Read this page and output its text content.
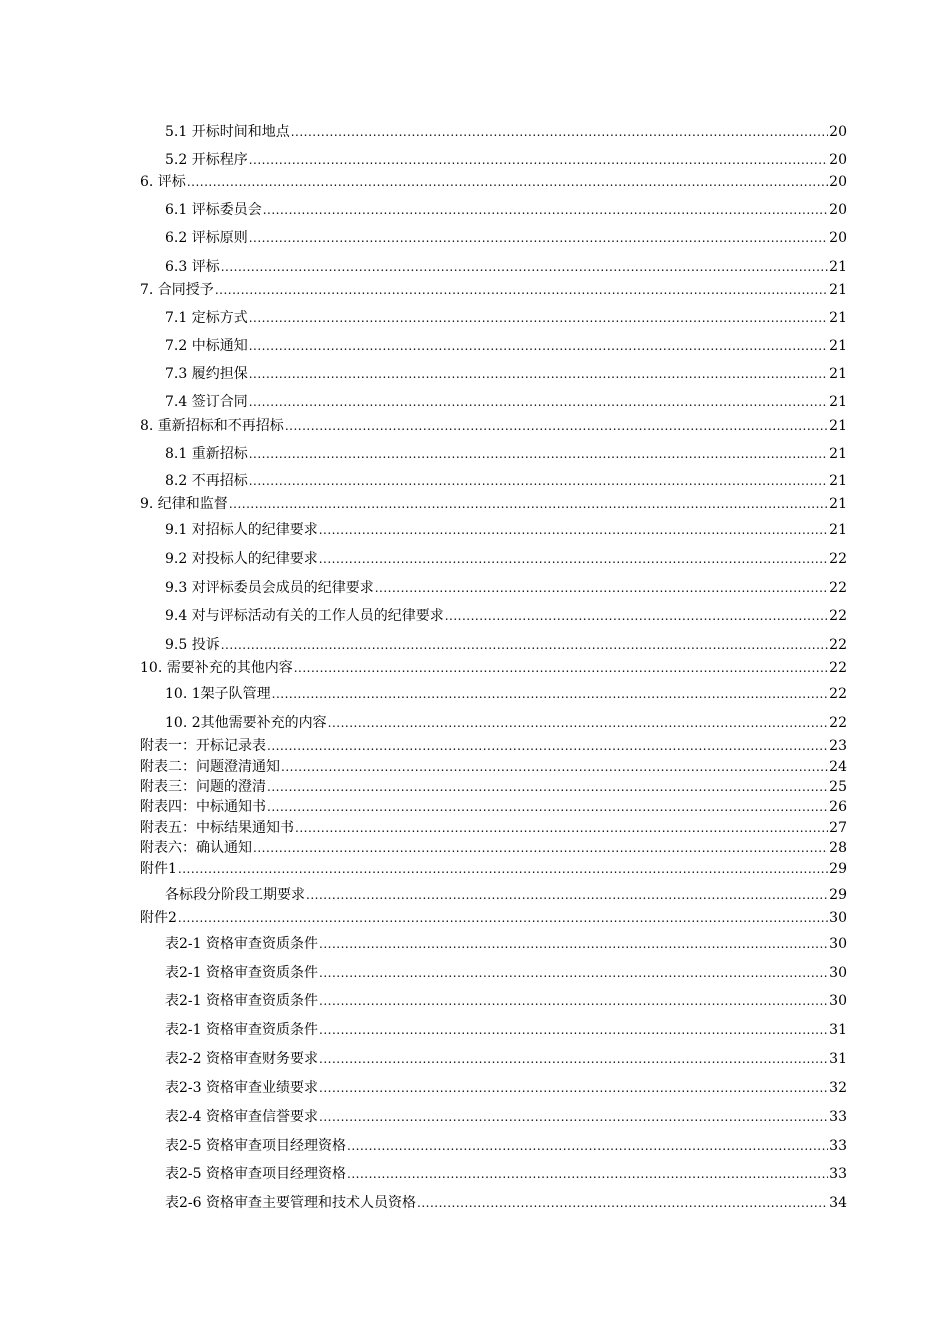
5.1 开标时间和地点 .....	20
5.2 开标程序 .....	20
6. 评标 .....	20
6.1 评标委员会 .....	20
6.2 评标原则 .....	20
6.3 评标 .....	21
7. 合同授予 .....	21
7.1 定标方式 .....	21
7.2 中标通知 .....	21
7.3 履约担保 .....	21
7.4 签订合同 .....	21
8. 重新招标和不再招标 .....	21
8.1 重新招标 .....	21
8.2 不再招标 .....	21
9. 纪律和监督 .....	21
9.1 对招标人的纪律要求 .....	21
9.2 对投标人的纪律要求 .....	22
9.3 对评标委员会成员的纪律要求 .....	22
9.4 对与评标活动有关的工作人员的纪律要求 .....	22
9.5 投诉 .....	22
10. 需要补充的其他内容 .....	22
10. 1架子队管理 .....	22
10. 2其他需要补充的内容 .....	22
附表一：开标记录表 .....	23
附表二：问题澄清通知 .....	24
附表三：问题的澄清 .....	25
附表四：中标通知书 .....	26
附表五：中标结果通知书 .....	27
附表六：确认通知 .....	28
附件1 .....	29
各标段分阶段工期要求 .....	29
附件2 .....	30
表2-1 资格审查资质条件 .....	30
表2-1 资格审查资质条件 .....	30
表2-1 资格审查资质条件 .....	30
表2-1 资格审查资质条件 .....	31
表2-2 资格审查财务要求 .....	31
表2-3 资格审查业绩要求 .....	32
表2-4 资格审查信誉要求 .....	33
表2-5 资格审查项目经理资格 .....	33
表2-5 资格审查项目经理资格 .....	33
表2-6 资格审查主要管理和技术人员资格 .....	34
